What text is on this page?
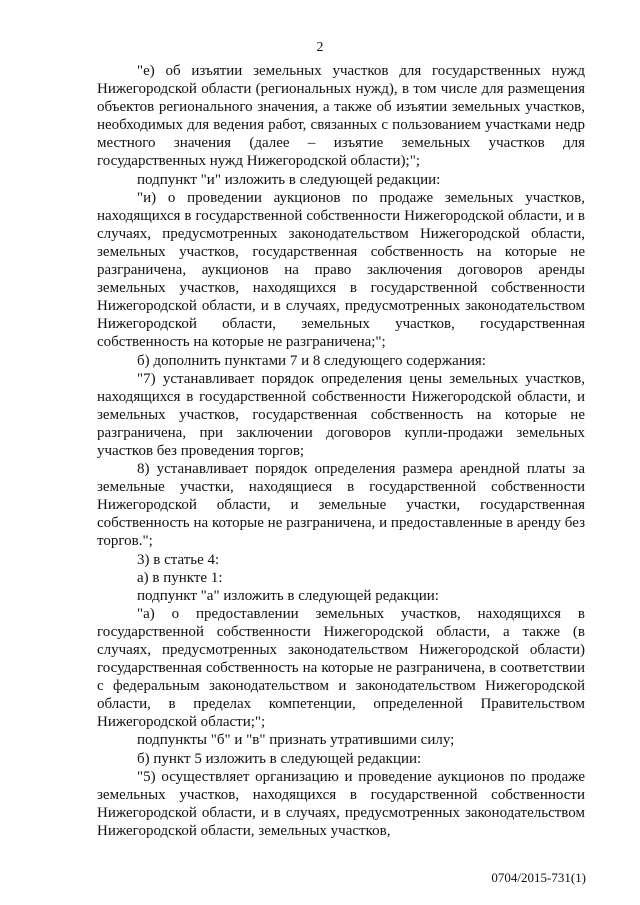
2

"е) об изъятии земельных участков для государственных нужд Нижегородской области (региональных нужд), в том числе для размещения объектов регионального значения, а также об изъятии земельных участков, необходимых для ведения работ, связанных с пользованием участками недр местного значения (далее – изъятие земельных участков для государственных нужд Нижегородской области);";

подпункт "и" изложить в следующей редакции:

"и) о проведении аукционов по продаже земельных участков, находящихся в государственной собственности Нижегородской области, и в случаях, предусмотренных законодательством Нижегородской области, земельных участков, государственная собственность на которые не разграничена, аукционов на право заключения договоров аренды земельных участков, находящихся в государственной собственности Нижегородской области, и в случаях, предусмотренных законодательством Нижегородской области, земельных участков, государственная собственность на которые не разграничена;";

б) дополнить пунктами 7 и 8 следующего содержания:

"7) устанавливает порядок определения цены земельных участков, находящихся в государственной собственности Нижегородской области, и земельных участков, государственная собственность на которые не разграничена, при заключении договоров купли-продажи земельных участков без проведения торгов;

8) устанавливает порядок определения размера арендной платы за земельные участки, находящиеся в государственной собственности Нижегородской области, и земельные участки, государственная собственность на которые не разграничена, и предоставленные в аренду без торгов.";

3) в статье 4:

а) в пункте 1:

подпункт "а" изложить в следующей редакции:

"а) о предоставлении земельных участков, находящихся в государственной собственности Нижегородской области, а также (в случаях, предусмотренных законодательством Нижегородской области) государственная собственность на которые не разграничена, в соответствии с федеральным законодательством и законодательством Нижегородской области, в пределах компетенции, определенной Правительством Нижегородской области;";

подпункты "б" и "в" признать утратившими силу;

б) пункт 5 изложить в следующей редакции:

"5) осуществляет организацию и проведение аукционов по продаже земельных участков, находящихся в государственной собственности Нижегородской области, и в случаях, предусмотренных законодательством Нижегородской области, земельных участков,

0704/2015-731(1)
